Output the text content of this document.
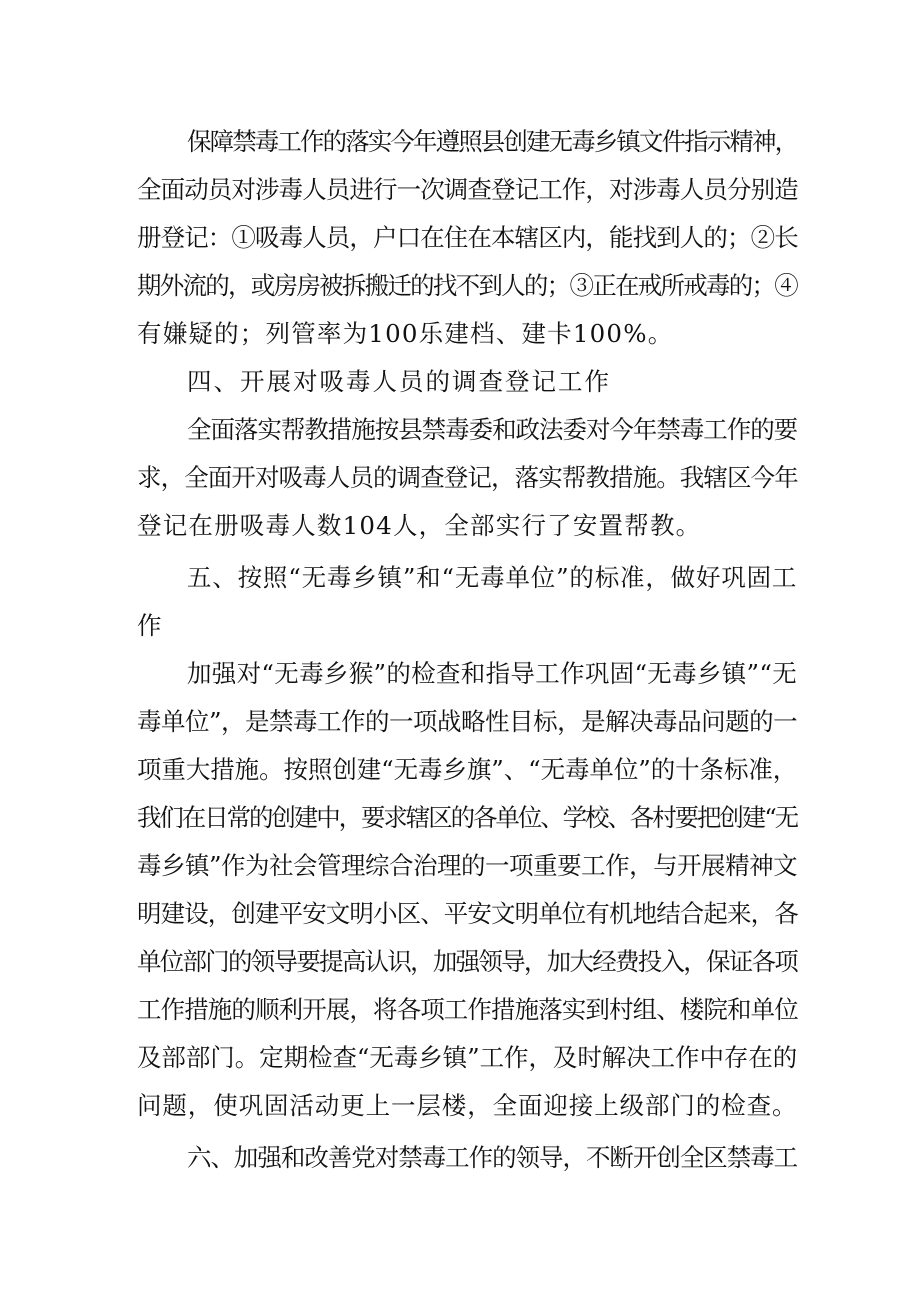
保障禁毒工作的落实今年遵照县创建无毒乡镇文件指示精神，

全面动员对涉毒人员进行一次调查登记工作，对涉毒人员分别造

册登记：①吸毒人员，户口在住在本辖区内，能找到人的；②长

期外流的，或房房被拆搬迁的找不到人的；③正在戒所戒毒的；④

有嫌疑的；列管率为100乐建档、建卡100%。

四、开展对吸毒人员的调查登记工作

全面落实帮教措施按县禁毒委和政法委对今年禁毒工作的要

求，全面开对吸毒人员的调查登记，落实帮教措施。我辖区今年

登记在册吸毒人数104人，全部实行了安置帮教。

五、按照“无毒乡镇”和“无毒单位”的标准，做好巩固工

作

加强对“无毒乡猴”的检查和指导工作巩固“无毒乡镇”“无

毒单位”，是禁毒工作的一项战略性目标，是解决毒品问题的一

项重大措施。按照创建“无毒乡旗”、“无毒单位”的十条标准，

我们在日常的创建中，要求辖区的各单位、学校、各村要把创建“无

毒乡镇”作为社会管理综合治理的一项重要工作，与开展精神文

明建设，创建平安文明小区、平安文明单位有机地结合起来，各

单位部门的领导要提高认识，加强领导，加大经费投入，保证各项

工作措施的顺利开展，将各项工作措施落实到村组、楼院和单位

及部部门。定期检查“无毒乡镇”工作，及时解决工作中存在的

问题，使巩固活动更上一层楼，全面迎接上级部门的检查。

六、加强和改善党对禁毒工作的领导，不断开创全区禁毒工
